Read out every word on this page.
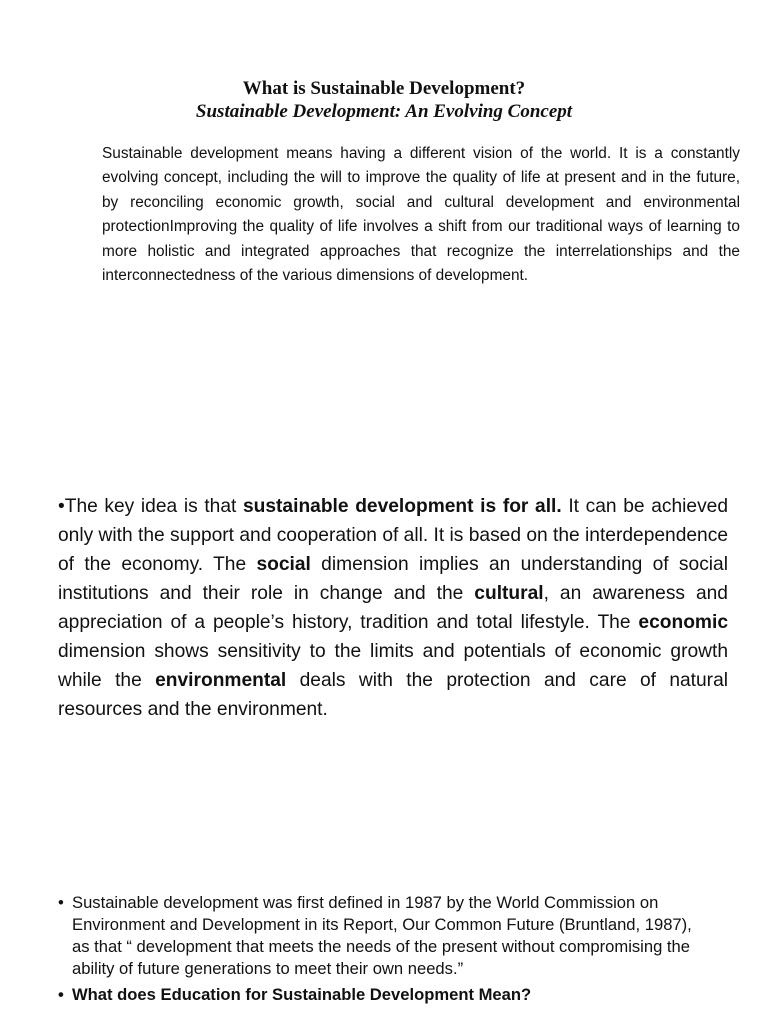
What is Sustainable Development?
Sustainable Development: An Evolving Concept

Sustainable development means having a different vision of the world. It is a constantly evolving concept, including the will to improve the quality of life at present and in the future, by reconciling economic growth, social and cultural development and environmental protectionImproving the quality of life involves a shift from our traditional ways of learning to more holistic and integrated approaches that recognize the interrelationships and the interconnectedness of the various dimensions of development.

•The key idea is that sustainable development is for all. It can be achieved only with the support and cooperation of all. It is based on the interdependence of the economy. The social dimension implies an understanding of social institutions and their role in change and the cultural, an awareness and appreciation of a people’s history, tradition and total lifestyle. The economic dimension shows sensitivity to the limits and potentials of economic growth while the environmental deals with the protection and care of natural resources and the environment.

• Sustainable development was first defined in 1987 by the World Commission on Environment and Development in its Report, Our Common Future (Bruntland, 1987), as that “ development that meets the needs of the present without compromising the ability of future generations to meet their own needs.”
• What does Education for Sustainable Development Mean?
